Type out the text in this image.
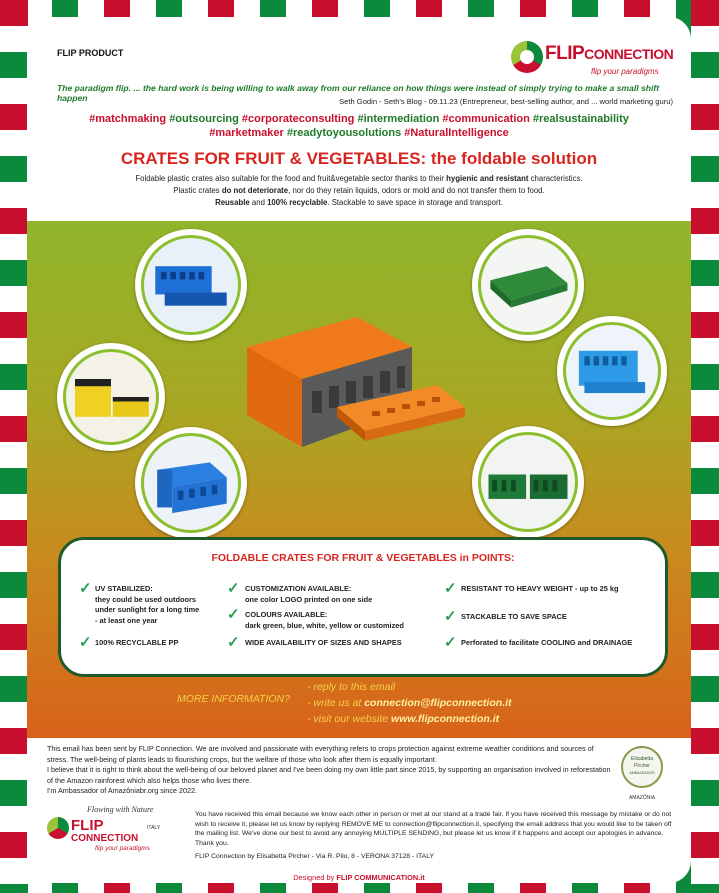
FLIP PRODUCT	FLIPCONNECTION
flip your paradigms
The paradigm flip. ... the hard work is being willing to walk away from our reliance on how things were instead of simply trying to make a small shift happen	Seth Godin - Seth's Blog - 09.11.23 (Entrepreneur, best-selling author, and ... world marketing guru)
#matchmaking #outsourcing #corporateconsulting #intermediation #communication #realsustainability
#marketmaker #readytoyousolutions #NaturalIntelligence
CRATES FOR FRUIT & VEGETABLES: the foldable solution
Foldable plastic crates also suitable for the food and fruit&vegetable sector thanks to their hygienic and resistant characteristics.
Plastic crates do not deteriorate, nor do they retain liquids, odors or mold and do not transfer them to food.
Reusable and 100% recyclable. Stackable to save space in storage and transport.
FOLDABLE CRATES FOR FRUIT & VEGETABLES in POINTS:
✓ UV STABILIZED:
they could be used outdoors
under sunlight for a long time
- at least one year
✓ 100% RECYCLABLE PP
✓ CUSTOMIZATION AVAILABLE:
one color LOGO printed on one side
✓ COLOURS AVAILABLE:
dark green, blue, white, yellow or customized
✓ WIDE AVAILABILITY OF SIZES AND SHAPES
✓ RESISTANT TO HEAVY WEIGHT - up to 25 kg
✓ STACKABLE TO SAVE SPACE
✓ Perforated to facilitate COOLING and DRAINAGE
MORE INFORMATION?
- reply to this email
- write us at connection@flipconnection.it
- visit our website www.flipconnection.it
This email has been sent by FLIP Connection. We are involved and passionate with everything refers to crops protection against extreme weather conditions and sources of stress. The well-being of plants leads to flourishing crops, but the welfare of those who look after them is equally important.
I believe that it is right to think about the well-being of our beloved planet and I've been doing my own little part since 2015, by supporting an organisation involved in reforestation of the Amazon rainforest which also helps those who lives there.
I'm Ambassador of Amazôniabr.org since 2022.
Elisabetta
Pircher
AMBASSADOR
AMAZÔNIA
Flowing with Nature
FLIP
CONNECTION
ITALY
flip your paradigms
You have received this email because we know each other in person or met at our stand at a trade fair. If you have received this message by mistake or do not wish to receive it, please let us know by replying REMOVE ME to connection@flipconnection.it, specifying the email address that you would like to be taken off the mailing list. We've done our best to avoid any annoying MULTIPLE SENDING, but please let us know if it happens and accept our apologies in advance. Thank you.
FLIP Connection by Elisabetta Pircher - Via R. Pilo, 8 - VERONA 37128 - ITALY
Designed by FLIP COMMUNICATION.it
